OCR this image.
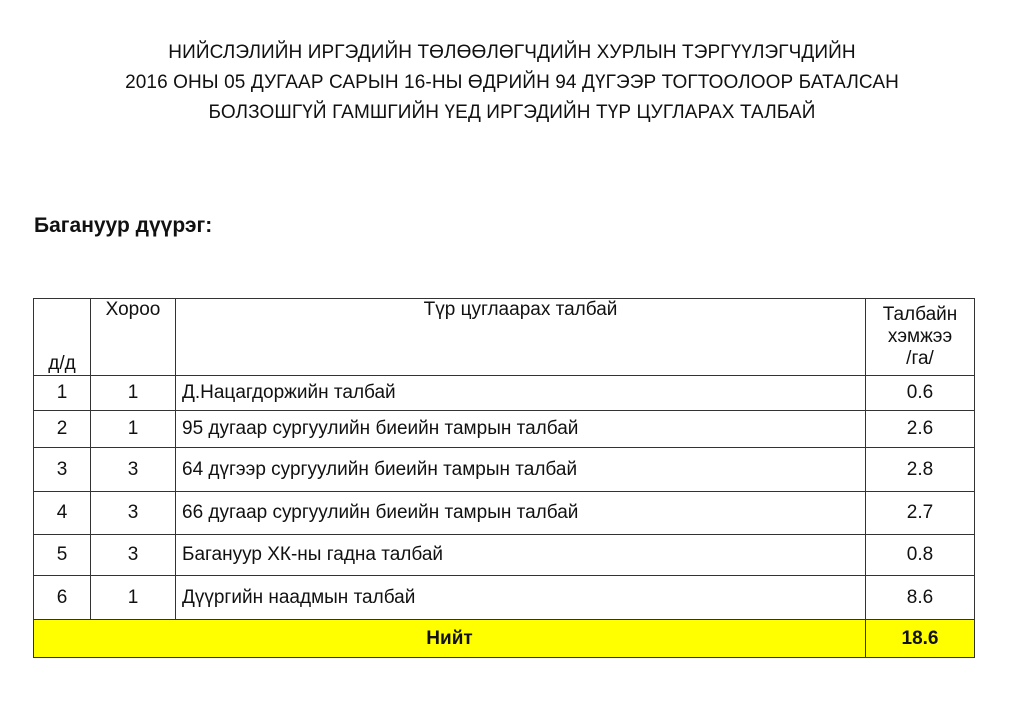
НИЙСЛЭЛИЙН ИРГЭДИЙН ТӨЛӨӨЛӨГЧДИЙН ХУРЛЫН ТЭРГҮҮЛЭГЧДИЙН
2016 ОНЫ 05 ДУГААР САРЫН 16-НЫ ӨДРИЙН 94 ДҮГЭЭР ТОГТООЛООР БАТАЛСАН
БОЛЗОШГҮЙ ГАМШГИЙН ҮЕД ИРГЭДИЙН ТҮР ЦУГЛАРАХ ТАЛБАЙ
Багануур дүүрэг:
д/д	Хороо	Түр цуглаарах талбай	Талбайн
хэмжээ
/га/
1	1	Д.Нацагдоржийн талбай	0.6
2	1	95 дугаар сургуулийн биеийн тамрын талбай	2.6
3	3	64 дүгээр сургуулийн биеийн тамрын талбай	2.8
4	3	66 дугаар сургуулийн биеийн тамрын талбай	2.7
5	3	Багануур ХК-ны гадна талбай	0.8
6	1	Дүүргийн наадмын талбай	8.6
Нийт			18.6
